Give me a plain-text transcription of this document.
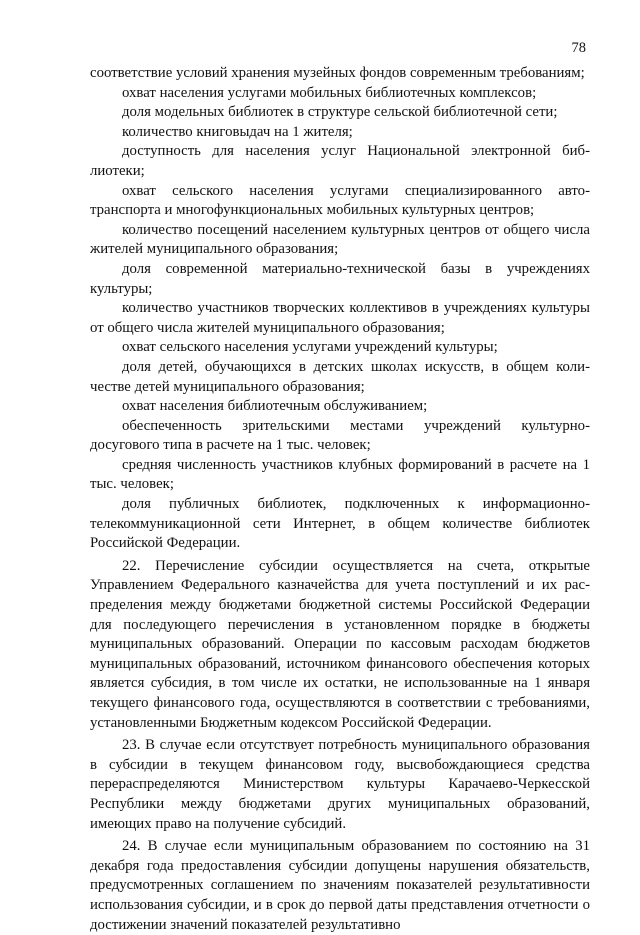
78

соответствие условий хранения музейных фондов современным требованиям;

охват населения услугами мобильных библиотечных комплексов;

доля модельных библиотек в структуре сельской библиотечной сети;

количество книговыдач на 1 жителя;

доступность для населения услуг Национальной электронной библиотеки;

охват сельского населения услугами специализированного автотранспорта и многофункциональных мобильных культурных центров;

количество посещений населением культурных центров от общего числа жителей муниципального образования;

доля современной материально-технической базы в учреждениях культуры;

количество участников творческих коллективов в учреждениях культуры от общего числа жителей муниципального образования;

охват сельского населения услугами учреждений культуры;

доля детей, обучающихся в детских школах искусств, в общем количестве детей муниципального образования;

охват населения библиотечным обслуживанием;

обеспеченность зрительскими местами учреждений культурно-досугового типа в расчете на 1 тыс. человек;

средняя численность участников клубных формирований в расчете на 1 тыс. человек;

доля публичных библиотек, подключенных к информационно-телекоммуникационной сети Интернет, в общем количестве библиотек Российской Федерации.

22. Перечисление субсидии осуществляется на счета, открытые Управлением Федерального казначейства для учета поступлений и их распределения между бюджетами бюджетной системы Российской Федерации для последующего перечисления в установленном порядке в бюджеты муниципальных образований. Операции по кассовым расходам бюджетов муниципальных образований, источником финансового обеспечения которых является субсидия, в том числе их остатки, не использованные на 1 января текущего финансового года, осуществляются в соответствии с требованиями, установленными Бюджетным кодексом Российской Федерации.

23. В случае если отсутствует потребность муниципального образования в субсидии в текущем финансовом году, высвобождающиеся средства перераспределяются Министерством культуры Карачаево-Черкесской Республики между бюджетами других муниципальных образований, имеющих право на получение субсидий.

24. В случае если муниципальным образованием по состоянию на 31 декабря года предоставления субсидии допущены нарушения обязательств, предусмотренных соглашением по значениям показателей результативности использования субсидии, и в срок до первой даты представления отчетности о достижении значений показателей результативно
